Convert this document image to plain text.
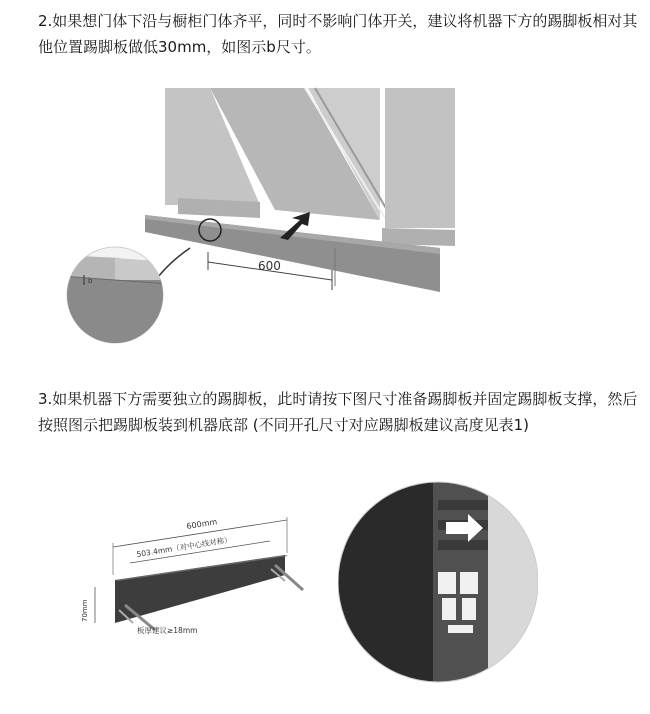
2.如果想门体下沿与橱柜门体齐平，同时不影响门体开关，建议将机器下方的踢脚板相对其他位置踢脚板做低30mm，如图示b尺寸。

600
b

3.如果机器下方需要独立的踢脚板，此时请按下图尺寸准备踢脚板并固定踢脚板支撑，然后按照图示把踢脚板装到机器底部 (不同开孔尺寸对应踢脚板建议高度见表1)

600mm
503.4mm（对中心线对称）
70mm
板厚建议≥18mm
